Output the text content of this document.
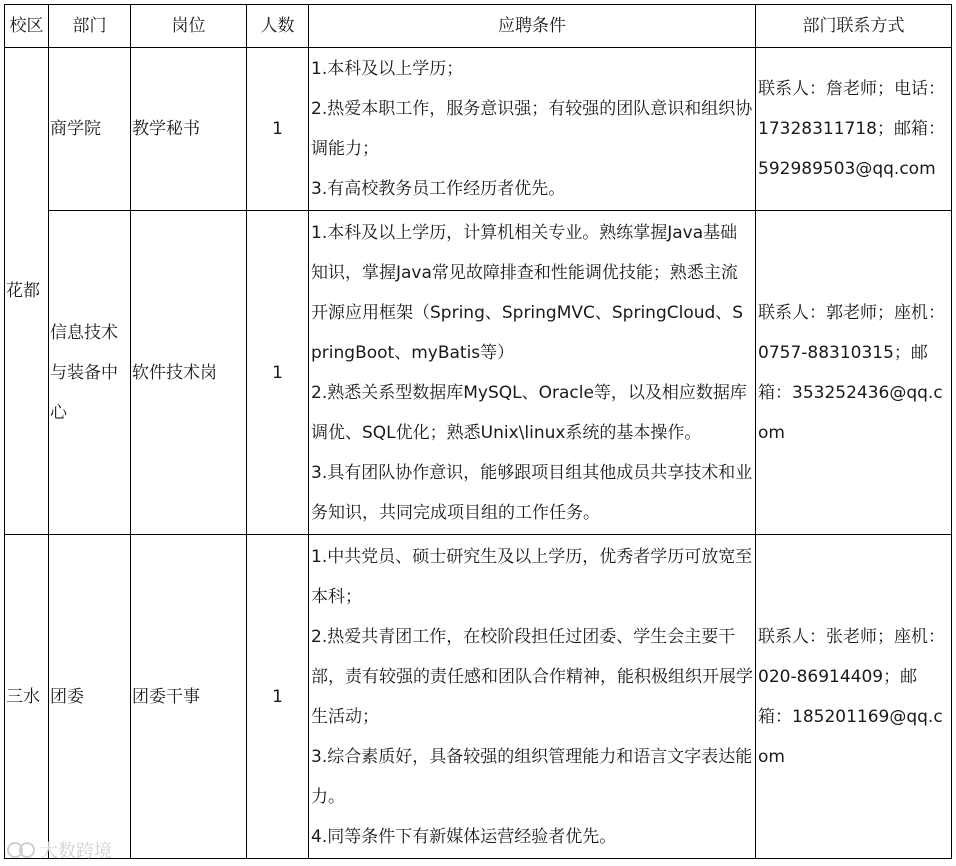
校区	部门	岗位	人数	应聘条件	部门联系方式
花都	商学院	教学秘书	1	1.本科及以上学历；
2.热爱本职工作，服务意识强；有较强的团队意识和组织协调能力；
3.有高校教务员工作经历者优先。	联系人：詹老师；电话：17328311718；邮箱：592989503@qq.com
	信息技术与装备中心	软件技术岗	1	1.本科及以上学历，计算机相关专业。熟练掌握Java基础知识，掌握Java常见故障排查和性能调优技能；熟悉主流开源应用框架（Spring、SpringMVC、SpringCloud、SpringBoot、myBatis等）
2.熟悉关系型数据库MySQL、Oracle等，以及相应数据库调优、SQL优化；熟悉Unix\linux系统的基本操作。
3.具有团队协作意识，能够跟项目组其他成员共享技术和业务知识，共同完成项目组的工作任务。	联系人：郭老师；座机：0757-88310315；邮箱：353252436@qq.com
三水	团委	团委干事	1	1.中共党员、硕士研究生及以上学历，优秀者学历可放宽至本科；
2.热爱共青团工作，在校阶段担任过团委、学生会主要干部，责有较强的责任感和团队合作精神，能积极组织开展学生活动；
3.综合素质好，具备较强的组织管理能力和语言文字表达能力。
4.同等条件下有新媒体运营经验者优先。	联系人：张老师；座机：020-86914409；邮箱：185201169@qq.com
大数跨境
